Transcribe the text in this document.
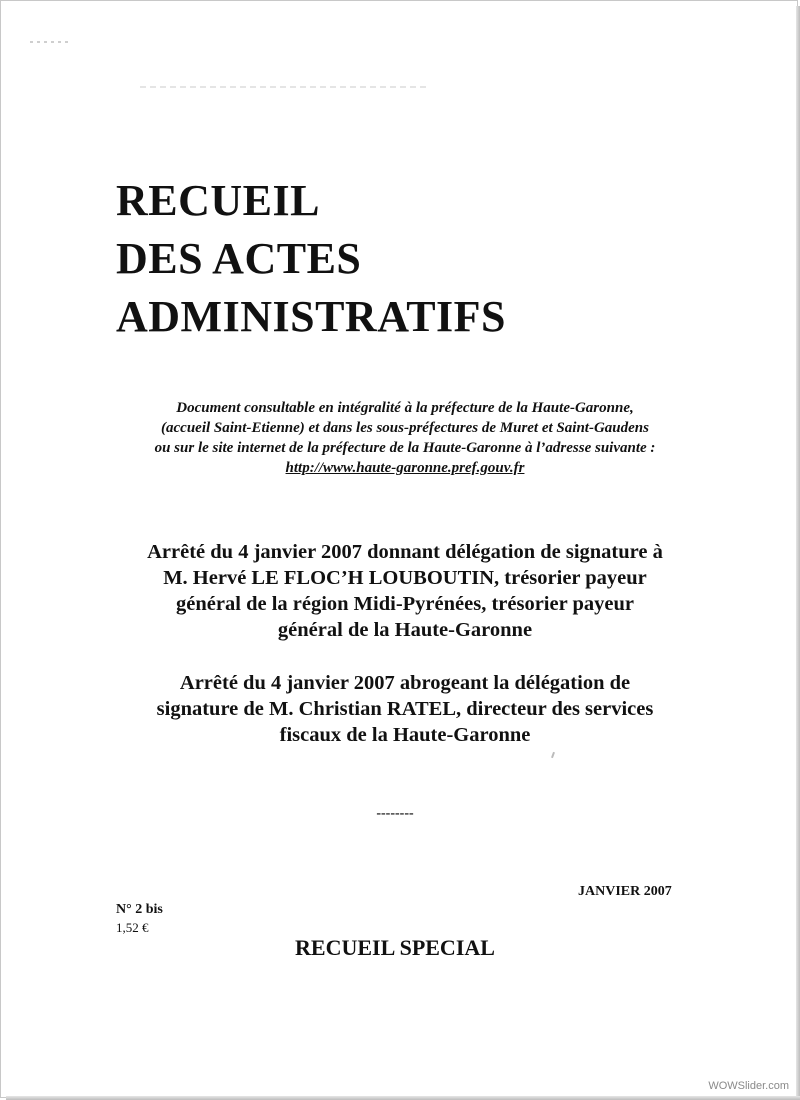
RECUEIL
DES ACTES
ADMINISTRATIFS
Document consultable en intégralité à la préfecture de la Haute-Garonne,
(accueil Saint-Etienne) et dans les sous-préfectures de Muret et Saint-Gaudens
ou sur le site internet de la préfecture de la Haute-Garonne à l’adresse suivante :
http://www.haute-garonne.pref.gouv.fr
Arrêté du 4 janvier 2007 donnant délégation de signature à
M. Hervé LE FLOC’H LOUBOUTIN, trésorier payeur
général de la région Midi-Pyrénées, trésorier payeur
général de la Haute-Garonne
Arrêté du 4 janvier 2007 abrogeant la délégation de
signature de M. Christian RATEL, directeur des services
fiscaux de la Haute-Garonne
--------
JANVIER 2007
N° 2 bis
1,52 €
RECUEIL SPECIAL
WOWSlider.com
